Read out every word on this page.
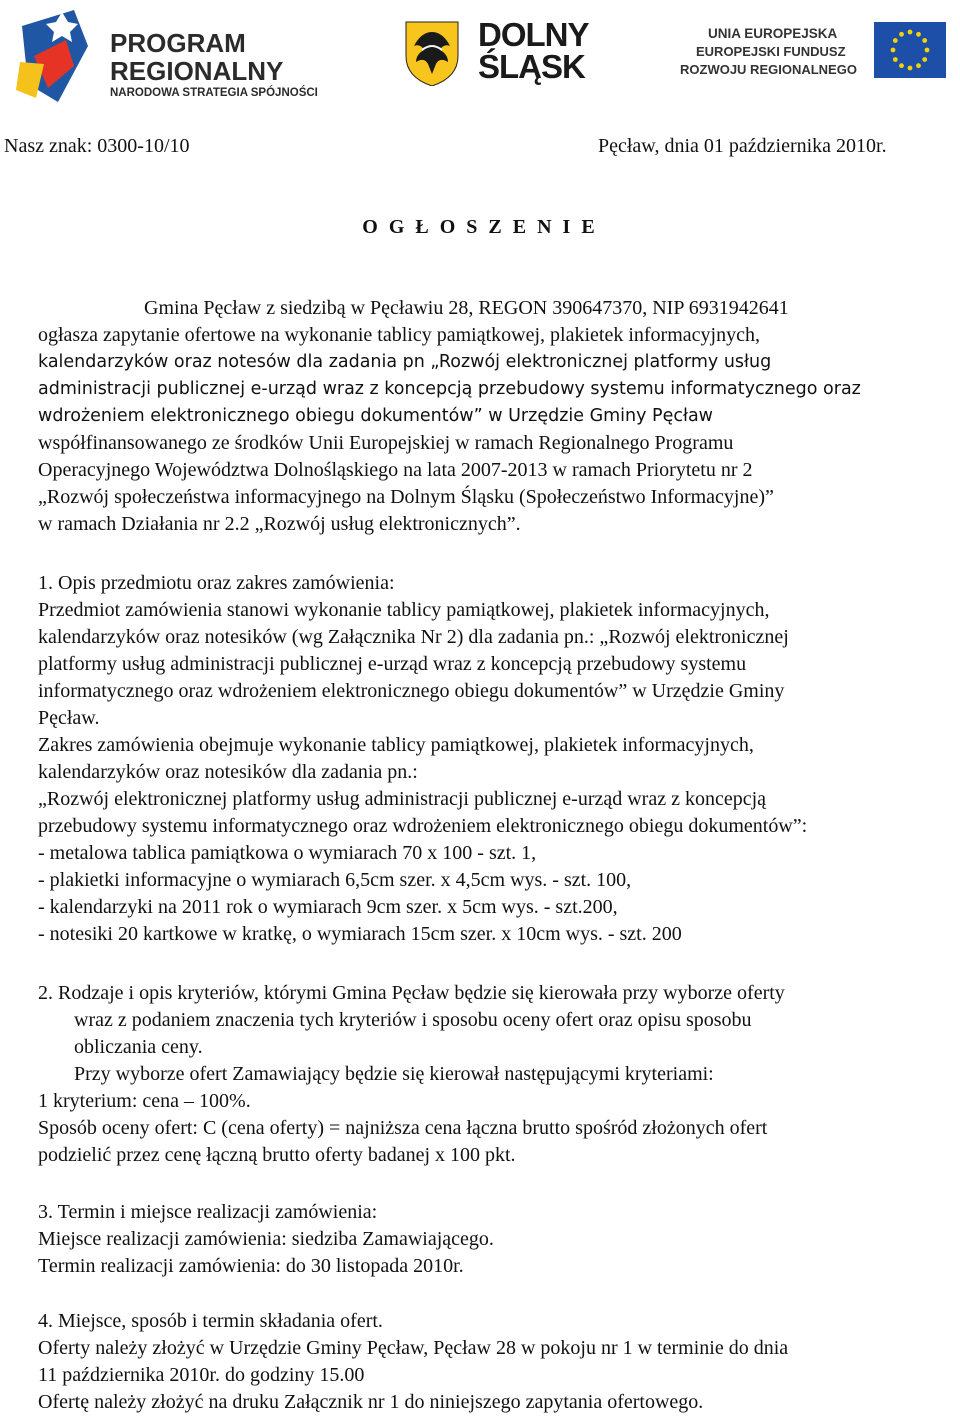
PROGRAM
REGIONALNY
NARODOWA STRATEGIA SPÓJNOŚCI
DOLNY
ŚLĄSK
UNIA EUROPEJSKA
EUROPEJSKI FUNDUSZ
ROZWOJU REGIONALNEGO
Nasz znak: 0300-10/10	Pęcław, dnia 01 października 2010r.
O G Ł O S Z E N I E
Gmina Pęcław z siedzibą w Pęcławiu 28, REGON 390647370, NIP 6931942641
ogłasza zapytanie ofertowe na wykonanie tablicy pamiątkowej, plakietek informacyjnych,
kalendarzyków oraz notesów dla zadania pn „Rozwój elektronicznej platformy usług
administracji publicznej e-urząd wraz z koncepcją przebudowy systemu informatycznego oraz
wdrożeniem elektronicznego obiegu dokumentów” w Urzędzie Gminy Pęcław
współfinansowanego ze środków Unii Europejskiej w ramach Regionalnego Programu
Operacyjnego Województwa Dolnośląskiego na lata 2007-2013 w ramach Priorytetu nr 2
„Rozwój społeczeństwa informacyjnego na Dolnym Śląsku (Społeczeństwo Informacyjne)”
w ramach Działania nr 2.2 „Rozwój usług elektronicznych”.
1. Opis przedmiotu oraz zakres zamówienia:
Przedmiot zamówienia stanowi wykonanie tablicy pamiątkowej, plakietek informacyjnych,
kalendarzyków oraz notesików (wg Załącznika Nr 2) dla zadania pn.: „Rozwój elektronicznej
platformy usług administracji publicznej e-urząd wraz z koncepcją przebudowy systemu
informatycznego oraz wdrożeniem elektronicznego obiegu dokumentów” w Urzędzie Gminy
Pęcław.
Zakres zamówienia obejmuje wykonanie tablicy pamiątkowej, plakietek informacyjnych,
kalendarzyków oraz notesików dla zadania pn.:
„Rozwój elektronicznej platformy usług administracji publicznej e-urząd wraz z koncepcją
przebudowy systemu informatycznego oraz wdrożeniem elektronicznego obiegu dokumentów”:
- metalowa tablica pamiątkowa o wymiarach 70 x 100 - szt. 1,
- plakietki informacyjne o wymiarach 6,5cm szer. x 4,5cm wys. - szt. 100,
- kalendarzyki na 2011 rok o wymiarach 9cm szer. x 5cm wys. - szt.200,
- notesiki 20 kartkowe w kratkę, o wymiarach 15cm szer. x 10cm wys. - szt. 200
2. Rodzaje i opis kryteriów, którymi Gmina Pęcław będzie się kierowała przy wyborze oferty
wraz z podaniem znaczenia tych kryteriów i sposobu oceny ofert oraz opisu sposobu
obliczania ceny.
Przy wyborze ofert Zamawiający będzie się kierował następującymi kryteriami:
1 kryterium: cena – 100%.
Sposób oceny ofert: C (cena oferty) = najniższa cena łączna brutto spośród złożonych ofert
podzielić przez cenę łączną brutto oferty badanej x 100 pkt.
3. Termin i miejsce realizacji zamówienia:
Miejsce realizacji zamówienia: siedziba Zamawiającego.
Termin realizacji zamówienia: do 30 listopada 2010r.
4. Miejsce, sposób i termin składania ofert.
Oferty należy złożyć w Urzędzie Gminy Pęcław, Pęcław 28 w pokoju nr 1 w terminie do dnia
11 października 2010r. do godziny 15.00
Ofertę należy złożyć na druku Załącznik nr 1 do niniejszego zapytania ofertowego.
